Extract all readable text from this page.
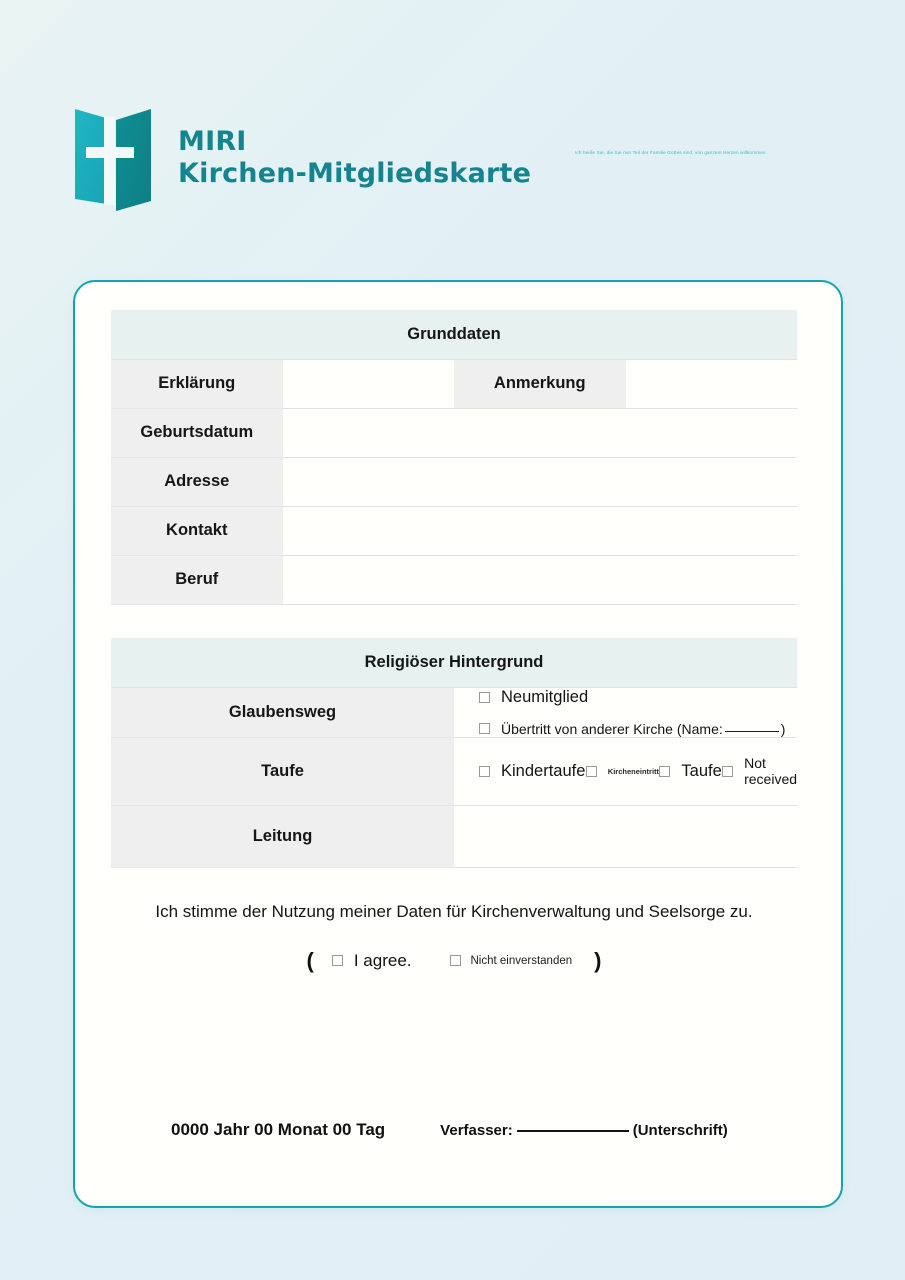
MIRI
Kirchen-Mitgliedskarte
Ich heiße Sie, die Sie nun Teil der Familie Gottes sind, von ganzem Herzen willkommen.
Grunddaten			
Erklärung		Anmerkung	
Geburtsdatum			
Adresse			
Kontakt			
Beruf			

Religiöser Hintergrund	
Glaubensweg	Neumitglied
Übertritt von anderer Kirche (Name: )

Taufe	Kindertaufe Kircheneintritt Taufe Not received

Leitung	
Ich stimme der Nutzung meiner Daten für Kirchenverwaltung und Seelsorge zu.
( I agree.	Nicht einverstanden )
0000 Jahr 00 Monat 00 Tag	Verfasser:	(Unterschrift)
